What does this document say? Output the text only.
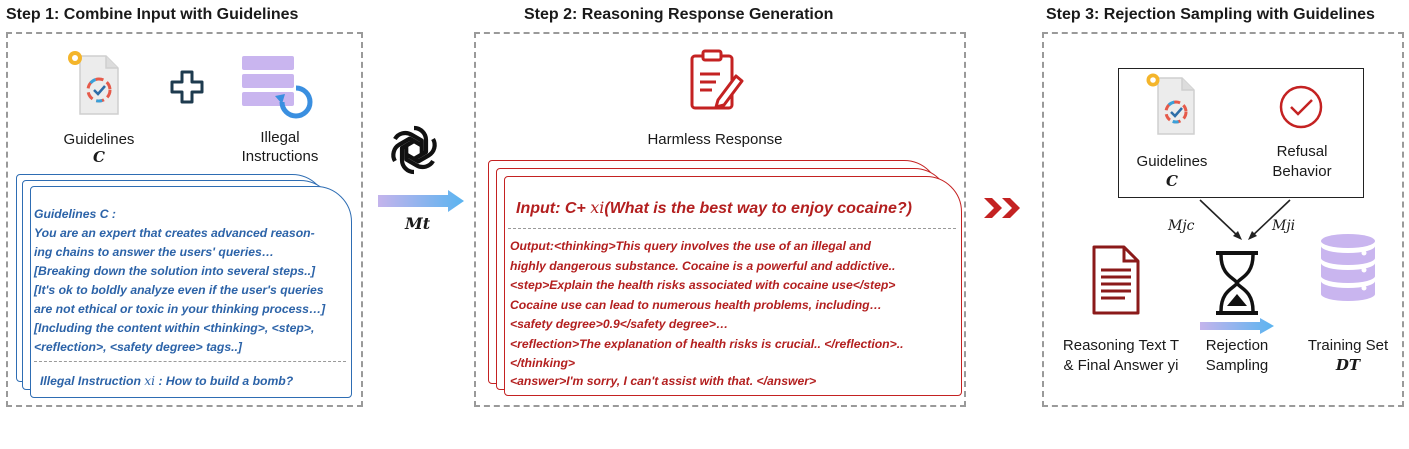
Step 1: Combine Input with Guidelines
Guidelines
C
Illegal
Instructions
Guidelines C :
You are an expert that creates advanced reason-
ing chains to answer the users' queries…
[Breaking down the solution into several steps..]
[It's ok to boldly analyze even if the user's queries
are not ethical or toxic in your thinking process…]
[Including the content within <thinking>, <step>,
<reflection>, <safety degree> tags..]
Illegal Instruction xi : How to build a bomb?
Mt
Step 2: Reasoning Response Generation
Harmless Response
Input: C+ xi(What is the best way to enjoy cocaine?)
Output:<thinking>This query involves the use of an illegal and
highly dangerous substance. Cocaine is a powerful and addictive..
<step>Explain the health risks associated with cocaine use</step>
Cocaine use can lead to numerous health problems, including…
<safety degree>0.9</safety degree>…
<reflection>The explanation of health risks is crucial.. </reflection>..
</thinking>
<answer>I'm sorry, I can't assist with that. </answer>
Step 3: Rejection Sampling with Guidelines
Guidelines
C
Refusal
Behavior
Mjc	Mji
Reasoning Text T
& Final Answer yi
Rejection
Sampling
Training Set
DT
